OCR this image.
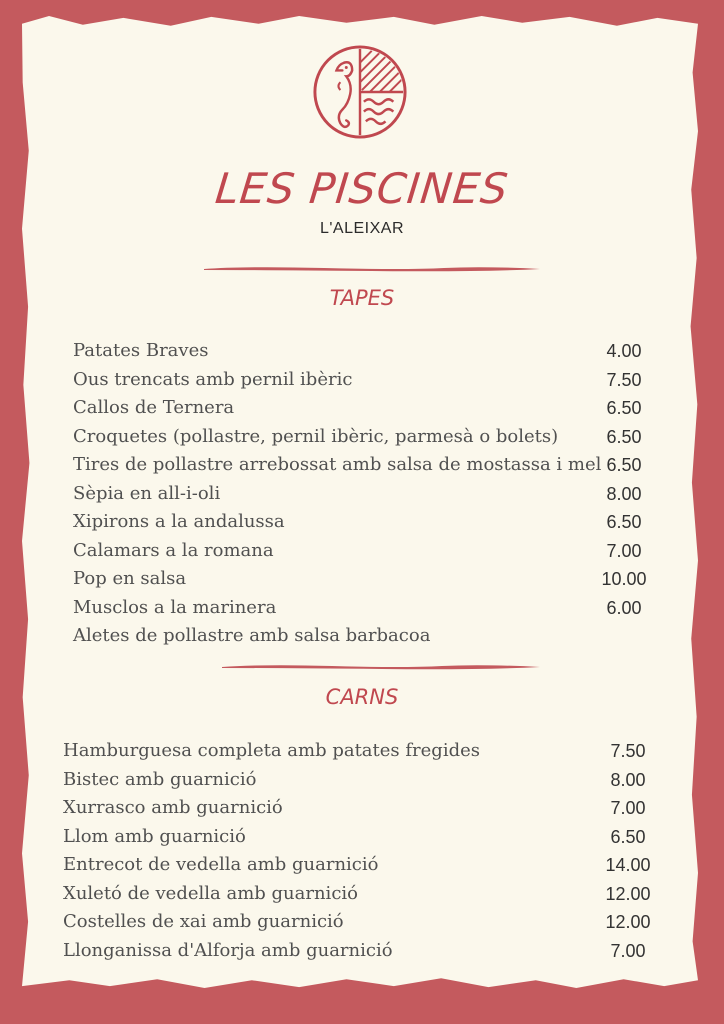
LES PISCINES
L'ALEIXAR
TAPES
Patates Braves	4.00
Ous trencats amb pernil ibèric	7.50
Callos de Ternera	6.50
Croquetes (pollastre, pernil ibèric, parmesà o bolets)	6.50
Tires de pollastre arrebossat amb salsa de mostassa i mel 6.50
Sèpia en all-i-oli	8.00
Xipirons a la andalussa	6.50
Calamars a la romana	7.00
Pop en salsa	10.00
Musclos a la marinera	6.00
Aletes de pollastre amb salsa barbacoa
CARNS
Hamburguesa completa amb patates fregides	7.50
Bistec amb guarnició	8.00
Xurrasco amb guarnició	7.00
Llom amb guarnició	6.50
Entrecot de vedella amb guarnició	14.00
Xuletó de vedella amb guarnició	12.00
Costelles de xai amb guarnició	12.00
Llonganissa d'Alforja amb guarnició	7.00
